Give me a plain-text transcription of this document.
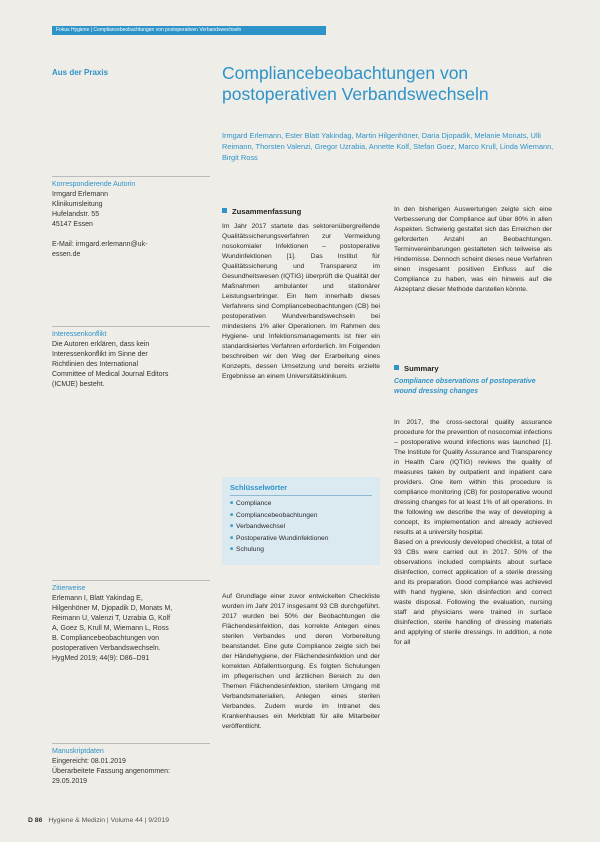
Fokus Hygiene | Compliancebeobachtungen von postoperativen Verbandswechseln
Aus der Praxis	Compliancebeobachtungen von postoperativen Verbandswechseln
Irmgard Erlemann, Ester Blatt Yakindag, Martin Hilgenhöner, Daria Djopadik, Melanie Monats, Ulli Reimann, Thorsten Valenzi, Gregor Uzrabia, Annette Kolf, Stefan Goez, Marco Krull, Linda Wiemann, Birgit Ross
Korrespondierende Autorin
Irmgard Erlemann
Klinikumsleitung
Hufelandstr. 55
45147 Essen
E-Mail: irmgard.erlemann@uk-essen.de
Interessenkonflikt
Die Autoren erklären, dass kein Interessenkonflikt im Sinne der Richtlinien des International Committee of Medical Journal Editors (ICMJE) besteht.
Zitierweise
Erlemann I, Blatt Yakindag E, Hilgenhöner M, Djopadik D, Monats M, Reimann U, Valenzi T, Uzrabia G, Kolf A, Goez S, Krull M, Wiemann L, Ross B. Compliancebeobachtungen von postoperativen Verbandswechseln. HygMed 2019; 44(9): D86–D91
Manuskriptdaten
Eingereicht: 08.01.2019
Überarbeitete Fassung angenommen: 29.05.2019
Zusammenfassung

Im Jahr 2017 startete das sektorenübergreifende Qualitätssicherungsverfahren zur Vermeidung nosokomialer Infektionen – postoperative Wundinfektionen [1]. Das Institut für Qualitätssicherung und Transparenz im Gesundheitswesen (IQTIG) überprüft die Qualität der Maßnahmen ambulanter und stationärer Leistungserbringer. Ein Item innerhalb dieses Verfahrens sind Compliancebeobachtungen (CB) bei postoperativen Wundverbandswechseln bei mindestens 1% aller Operationen. Im Rahmen des Hygiene- und Infektionsmanagements ist hier ein standardisiertes Verfahren erforderlich. Im Folgenden beschreiben wir den Weg der Erarbeitung eines Konzepts, dessen Umsetzung und bereits erzielte Ergebnisse an einem Universitätsklinikum.

In den bisherigen Auswertungen zeigte sich eine Verbesserung der Compliance auf über 80% in allen Aspekten. Schwierig gestaltet sich das Erreichen der geforderten Anzahl an Beobachtungen. Terminvereinbarungen gestalteten sich teilweise als Hindernisse. Dennoch scheint dieses neue Verfahren einen insgesamt positiven Einfluss auf die Compliance zu haben, was ein hinweis auf die Akzeptanz dieser Methode darstellen könnte.

Schlüsselwörter
■ Compliance
■ Compliancebeobachtungen
■ Verbandwechsel
■ Postoperative Wundinfektionen
■ Schulung

Auf Grundlage einer zuvor entwickelten Checkliste wurden im Jahr 2017 insgesamt 93 CB durchgeführt. 2017 wurden bei 50% der Beobachtungen die Flächendesinfektion, das korrekte Anlegen eines sterilen Verbandes und deren Vorbereitung beanstandet. Eine gute Compliance zeigte sich bei der Händehygiene, der Flächendesinfektion und der korrekten Abfallentsorgung. Es folgten Schulungen im pflegerischen und ärztlichen Bereich zu den Themen Flächendesinfektion, sterilem Umgang mit Verbandsmaterialien, Anlegen eines sterilen Verbandes. Zudem wurde im Intranet des Krankenhauses ein Merkblatt für alle Mitarbeiter veröffentlicht.

Summary
Compliance observations of postoperative wound dressing changes

In 2017, the cross-sectoral quality assurance procedure for the prevention of nosocomial infections – postoperative wound infections was launched [1]. The Institute for Quality Assurance and Transparency in Health Care (IQTIG) reviews the quality of measures taken by outpatient and inpatient care providers. One item within this procedure is compliance monitoring (CB) for postoperative wound dressing changes for at least 1% of all operations. In the following we describe the way of developing a concept, its implementation and already achieved results at a university hospital.

Based on a previously developed checklist, a total of 93 CBs were carried out in 2017. 50% of the observations included complaints about surface disinfection, correct application of a sterile dressing and its preparation. Good compliance was achieved with hand hygiene, skin disinfection and correct waste disposal. Following the evaluation, nursing staff and physicians were trained in surface disinfection, sterile handling of dressing materials and applying of sterile dressings. In addition, a note for all

D 86 Hygiene & Medizin | Volume 44 | 9/2019
